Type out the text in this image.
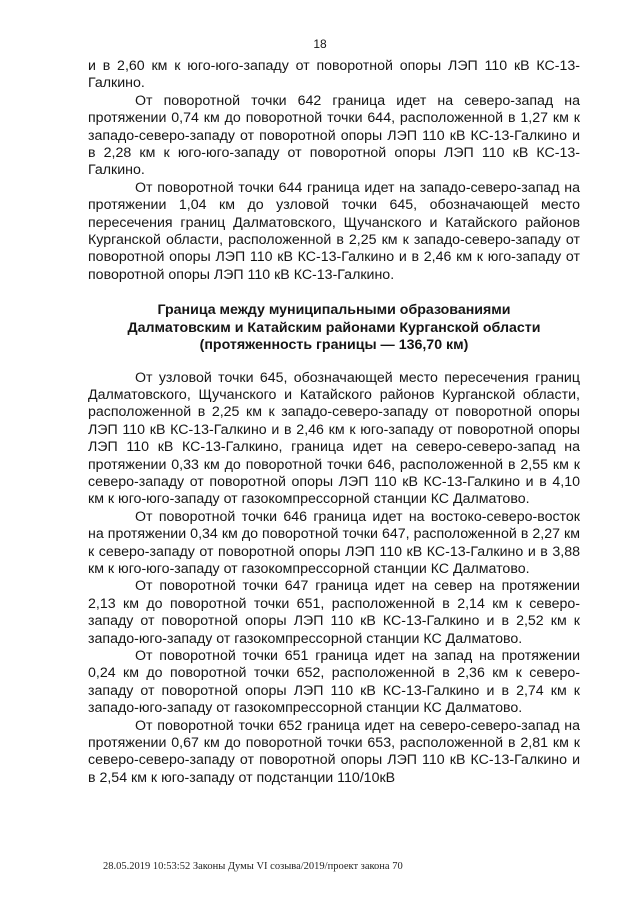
18

и в 2,60 км к юго-юго-западу от поворотной опоры ЛЭП 110 кВ КС-13-Галкино.

От поворотной точки 642 граница идет на северо-запад на протяжении 0,74 км до поворотной точки 644, расположенной в 1,27 км к западо-северо-западу от поворотной опоры ЛЭП 110 кВ КС-13-Галкино и в 2,28 км к юго-юго-западу от поворотной опоры ЛЭП 110 кВ КС-13-Галкино.

От поворотной точки 644 граница идет на западо-северо-запад на протяжении 1,04 км до узловой точки 645, обозначающей место пересечения границ Далматовского, Щучанского и Катайского районов Курганской области, расположенной в 2,25 км к западо-северо-западу от поворотной опоры ЛЭП 110 кВ КС-13-Галкино и в 2,46 км к юго-западу от поворотной опоры ЛЭП 110 кВ КС-13-Галкино.

Граница между муниципальными образованиями
Далматовским и Катайским районами Курганской области
(протяженность границы — 136,70 км)

От узловой точки 645, обозначающей место пересечения границ Далматовского, Щучанского и Катайского районов Курганской области, расположенной в 2,25 км к западо-северо-западу от поворотной опоры ЛЭП 110 кВ КС-13-Галкино и в 2,46 км к юго-западу от поворотной опоры ЛЭП 110 кВ КС-13-Галкино, граница идет на северо-северо-запад на протяжении 0,33 км до поворотной точки 646, расположенной в 2,55 км к северо-западу от поворотной опоры ЛЭП 110 кВ КС-13-Галкино и в 4,10 км к юго-юго-западу от газокомпрессорной станции КС Далматово.

От поворотной точки 646 граница идет на востоко-северо-восток на протяжении 0,34 км до поворотной точки 647, расположенной в 2,27 км к северо-западу от поворотной опоры ЛЭП 110 кВ КС-13-Галкино и в 3,88 км к юго-юго-западу от газокомпрессорной станции КС Далматово.

От поворотной точки 647 граница идет на север на протяжении 2,13 км до поворотной точки 651, расположенной в 2,14 км к северо-западу от поворотной опоры ЛЭП 110 кВ КС-13-Галкино и в 2,52 км к западо-юго-западу от газокомпрессорной станции КС Далматово.

От поворотной точки 651 граница идет на запад на протяжении 0,24 км до поворотной точки 652, расположенной в 2,36 км к северо-западу от поворотной опоры ЛЭП 110 кВ КС-13-Галкино и в 2,74 км к западо-юго-западу от газокомпрессорной станции КС Далматово.

От поворотной точки 652 граница идет на северо-северо-запад на протяжении 0,67 км до поворотной точки 653, расположенной в 2,81 км к северо-северо-западу от поворотной опоры ЛЭП 110 кВ КС-13-Галкино и в 2,54 км к юго-западу от подстанции 110/10кВ

28.05.2019 10:53:52 Законы Думы VI созыва/2019/проект закона 70
